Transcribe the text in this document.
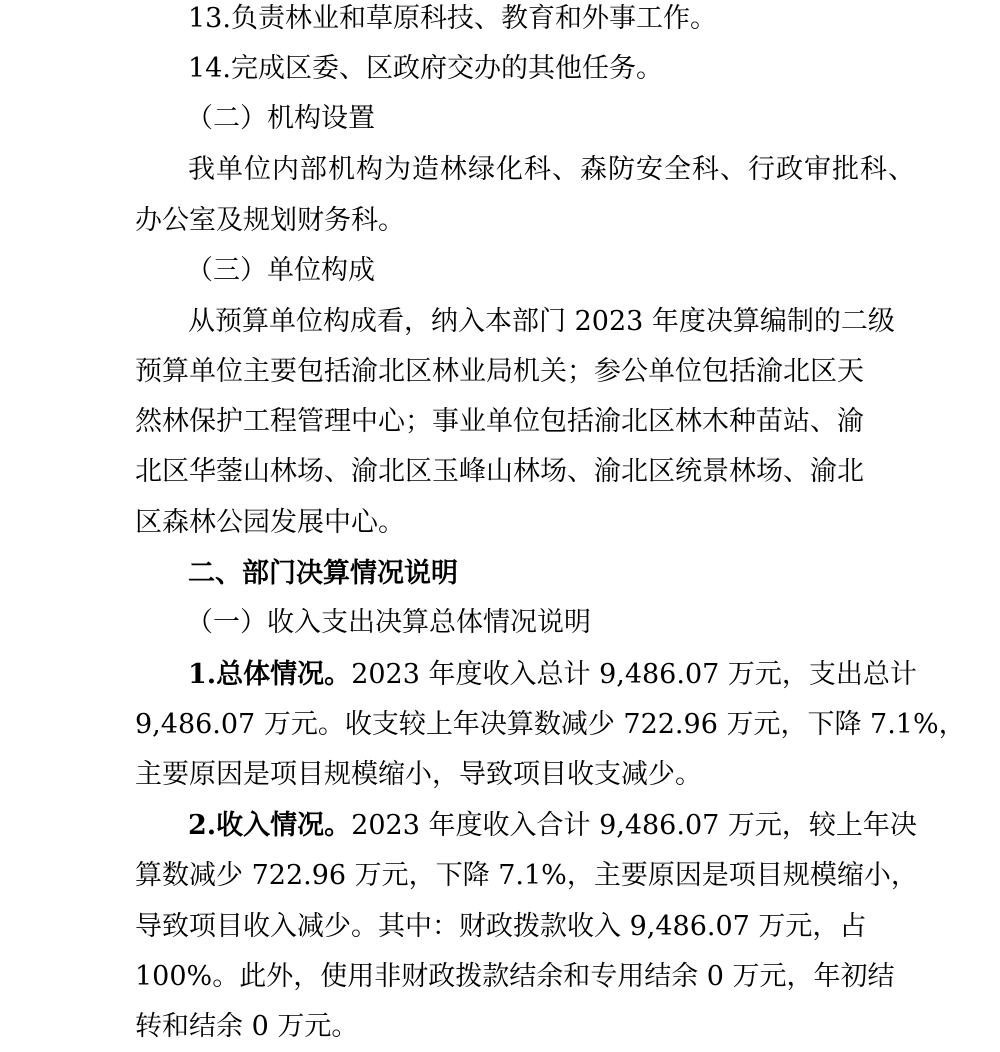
13.负责林业和草原科技、教育和外事工作。
14.完成区委、区政府交办的其他任务。
（二）机构设置
我单位内部机构为造林绿化科、森防安全科、行政审批科、
办公室及规划财务科。
（三）单位构成
从预算单位构成看，纳入本部门 2023 年度决算编制的二级
预算单位主要包括渝北区林业局机关；参公单位包括渝北区天
然林保护工程管理中心；事业单位包括渝北区林木种苗站、渝
北区华蓥山林场、渝北区玉峰山林场、渝北区统景林场、渝北
区森林公园发展中心。
二、部门决算情况说明
（一）收入支出决算总体情况说明
1.总体情况。2023 年度收入总计 9,486.07 万元，支出总计
9,486.07 万元。收支较上年决算数减少 722.96 万元，下降 7.1%，
主要原因是项目规模缩小，导致项目收支减少。
2.收入情况。2023 年度收入合计 9,486.07 万元，较上年决
算数减少 722.96 万元，下降 7.1%，主要原因是项目规模缩小，
导致项目收入减少。其中：财政拨款收入 9,486.07 万元，占
100%。此外，使用非财政拨款结余和专用结余 0 万元，年初结
转和结余 0 万元。
